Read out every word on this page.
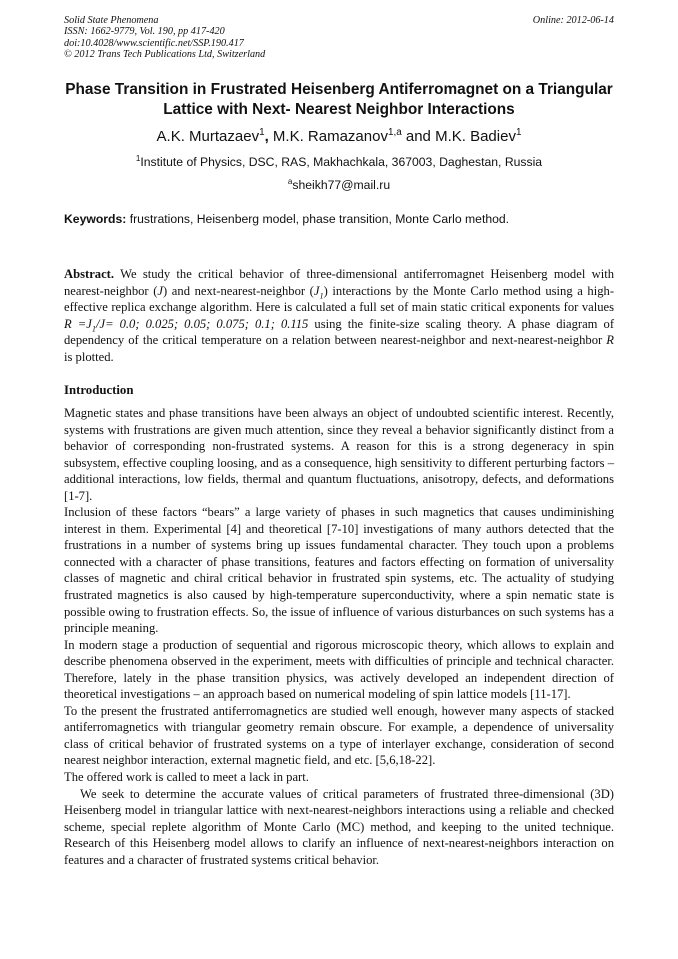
Solid State Phenomena
ISSN: 1662-9779, Vol. 190, pp 417-420
doi:10.4028/www.scientific.net/SSP.190.417
© 2012 Trans Tech Publications Ltd, Switzerland
Online: 2012-06-14
Phase Transition in Frustrated Heisenberg Antiferromagnet on a Triangular Lattice with Next- Nearest Neighbor Interactions
A.K. Murtazaev$^1$, M.K. Ramazanov$^{1,a}$ and M.K. Badiev$^1$
$^1$Institute of Physics, DSC, RAS, Makhachkala, 367003, Daghestan, Russia
$^a$sheikh77@mail.ru
Keywords: frustrations, Heisenberg model, phase transition, Monte Carlo method.
Abstract. We study the critical behavior of three-dimensional antiferromagnet Heisenberg model with nearest-neighbor (J) and next-nearest-neighbor $(J_1)$ interactions by the Monte Carlo method using a high-effective replica exchange algorithm. Here is calculated a full set of main static critical exponents for values $R =J_1/J= 0.0$; 0.025; 0.05; 0.075; 0.1; 0.115 using the finite-size scaling theory. A phase diagram of dependency of the critical temperature on a relation between nearest-neighbor and next-nearest-neighbor R is plotted.
Introduction

Magnetic states and phase transitions have been always an object of undoubted scientific interest. Recently, systems with frustrations are given much attention, since they reveal a behavior significantly distinct from a behavior of corresponding non-frustrated systems. A reason for this is a strong degeneracy in spin subsystem, effective coupling loosing, and as a consequence, high sensitivity to different perturbing factors – additional interactions, low fields, thermal and quantum fluctuations, anisotropy, defects, and deformations [1-7].

Inclusion of these factors “bears” a large variety of phases in such magnetics that causes undiminishing interest in them. Experimental [4] and theoretical [7-10] investigations of many authors detected that the frustrations in a number of systems bring up issues fundamental character. They touch upon a problems connected with a character of phase transitions, features and factors effecting on formation of universality classes of magnetic and chiral critical behavior in frustrated spin systems, etc. The actuality of studying frustrated magnetics is also caused by high-temperature superconductivity, where a spin nematic state is possible owing to frustration effects. So, the issue of influence of various disturbances on such systems has a principle meaning.

In modern stage a production of sequential and rigorous microscopic theory, which allows to explain and describe phenomena observed in the experiment, meets with difficulties of principle and technical character. Therefore, lately in the phase transition physics, was actively developed an independent direction of theoretical investigations – an approach based on numerical modeling of spin lattice models [11-17].

To the present the frustrated antiferromagnetics are studied well enough, however many aspects of stacked antiferromagnetics with triangular geometry remain obscure. For example, a dependence of universality class of critical behavior of frustrated systems on a type of interlayer exchange, consideration of second nearest neighbor interaction, external magnetic field, and etc. [5,6,18-22].

The offered work is called to meet a lack in part.

We seek to determine the accurate values of critical parameters of frustrated three-dimensional (3D) Heisenberg model in triangular lattice with next-nearest-neighbors interactions using a reliable and checked scheme, special replete algorithm of Monte Carlo (MC) method, and keeping to the united technique. Research of this Heisenberg model allows to clarify an influence of next-nearest-neighbors interaction on features and a character of frustrated systems critical behavior.
